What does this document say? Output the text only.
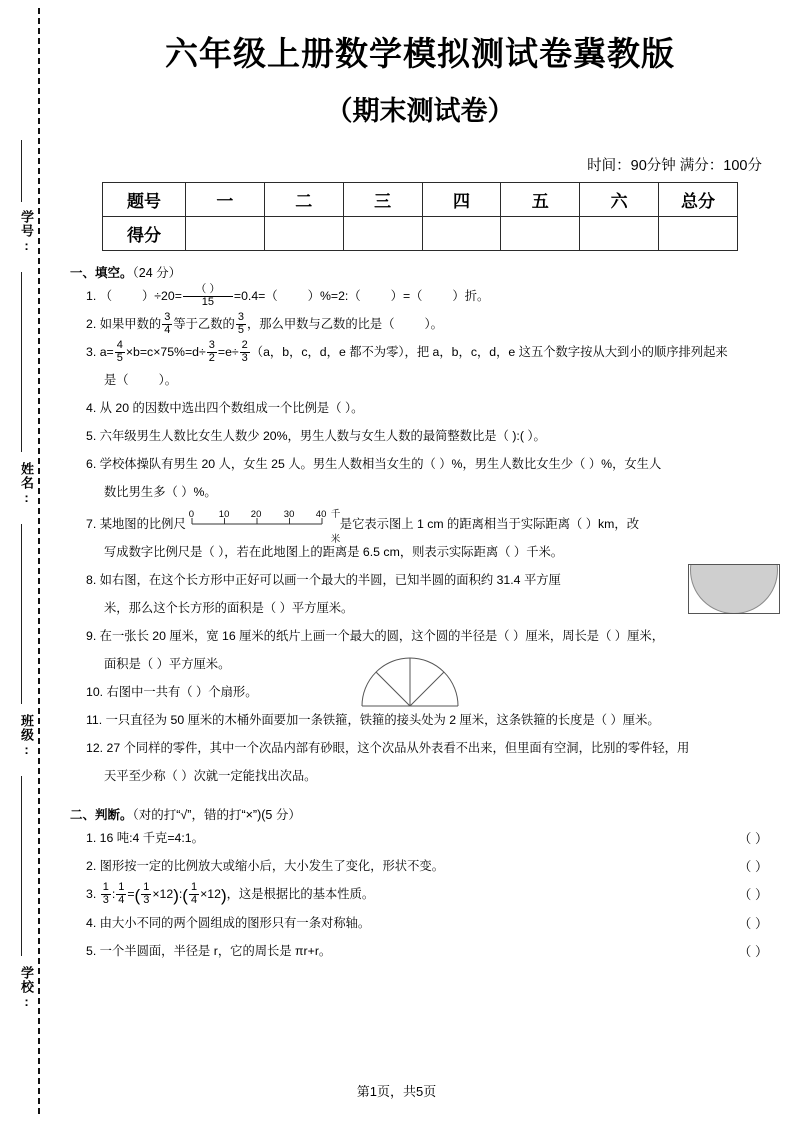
学号:
姓名:
班级:
学校:
六年级上册数学模拟测试卷冀教版
（期末测试卷）
时间：90分钟 满分：100分
题号	一	二	三	四	五	六	总分
得分							
一、填空。（24 分）
1. （ ）$\div 20= \frac{( )}{15} =0.4=$（ ）%=2:（ ）=（ ）折。
2. 如果甲数的 $\frac{3}{4}$ 等于乙数的 $\frac{3}{5}$ ，那么甲数与乙数的比是（ ）。
3. $a= \frac{4}{5} \times b=c\times 75\%=d\div \frac{3}{2} =e\div \frac{2}{3} (a$，b，c，d，e 都不为零），把 a，b，c，d，e 这五个数字按从大到小的顺序排列起来
是（ ）。
4. 从 20 的因数中选出四个数组成一个比例是（ ）。
5. 六年级男生人数比女生人数少 20%，男生人数与女生人数的最简整数比是（ ):( ）。
6. 学校体操队有男生 20 人，女生 25 人。男生人数相当女生的（ ）%，男生人数比女生少（ ）%，女生人
数比男生多（ ）%。
7. 某地图的比例尺
0	10 20 30 40 千米
是它表示图上 1 cm 的距离相当于实际距离（ ）km，改
写成数字比例尺是（ ），若在此地图上的距离是 6.5 cm，则表示实际距离（ ）千米。
8. 如右图，在这个长方形中正好可以画一个最大的半圆，已知半圆的面积约 31.4 平方厘
米，那么这个长方形的面积是（ ）平方厘米。
9. 在一张长 20 厘米，宽 16 厘米的纸片上画一个最大的圆，这个圆的半径是（ ）厘米，周长是（ ）厘米，
面积是（ ）平方厘米。
10. 右图中一共有（ ）个扇形。
11. 一只直径为 50 厘米的木桶外面要加一条铁箍，铁箍的接头处为 2 厘米，这条铁箍的长度是（ ）厘米。
12. 27 个同样的零件，其中一个次品内部有砂眼，这个次品从外表看不出来，但里面有空洞，比别的零件轻，用
天平至少称（ ）次就一定能找出次品。
二、判断。（对的打“√”，错的打“×”)(5 分）
1. 16 吨:4 千克=4:1。	（ ）
2. 图形按一定的比例放大或缩小后，大小发生了变化，形状不变。	（ ）
3. $\frac{1}{3}$ : $\frac{1}{4}$ =( $\frac{1}{3}$ ×12):( $\frac{1}{4} \times 12$)，这是根据比的基本性质。	（ ）
4. 由大小不同的两个圆组成的图形只有一条对称轴。	（ ）
5. 一个半圆面，半径是 r，它的周长是 πr+r。	（ ）
第1页，共5页
